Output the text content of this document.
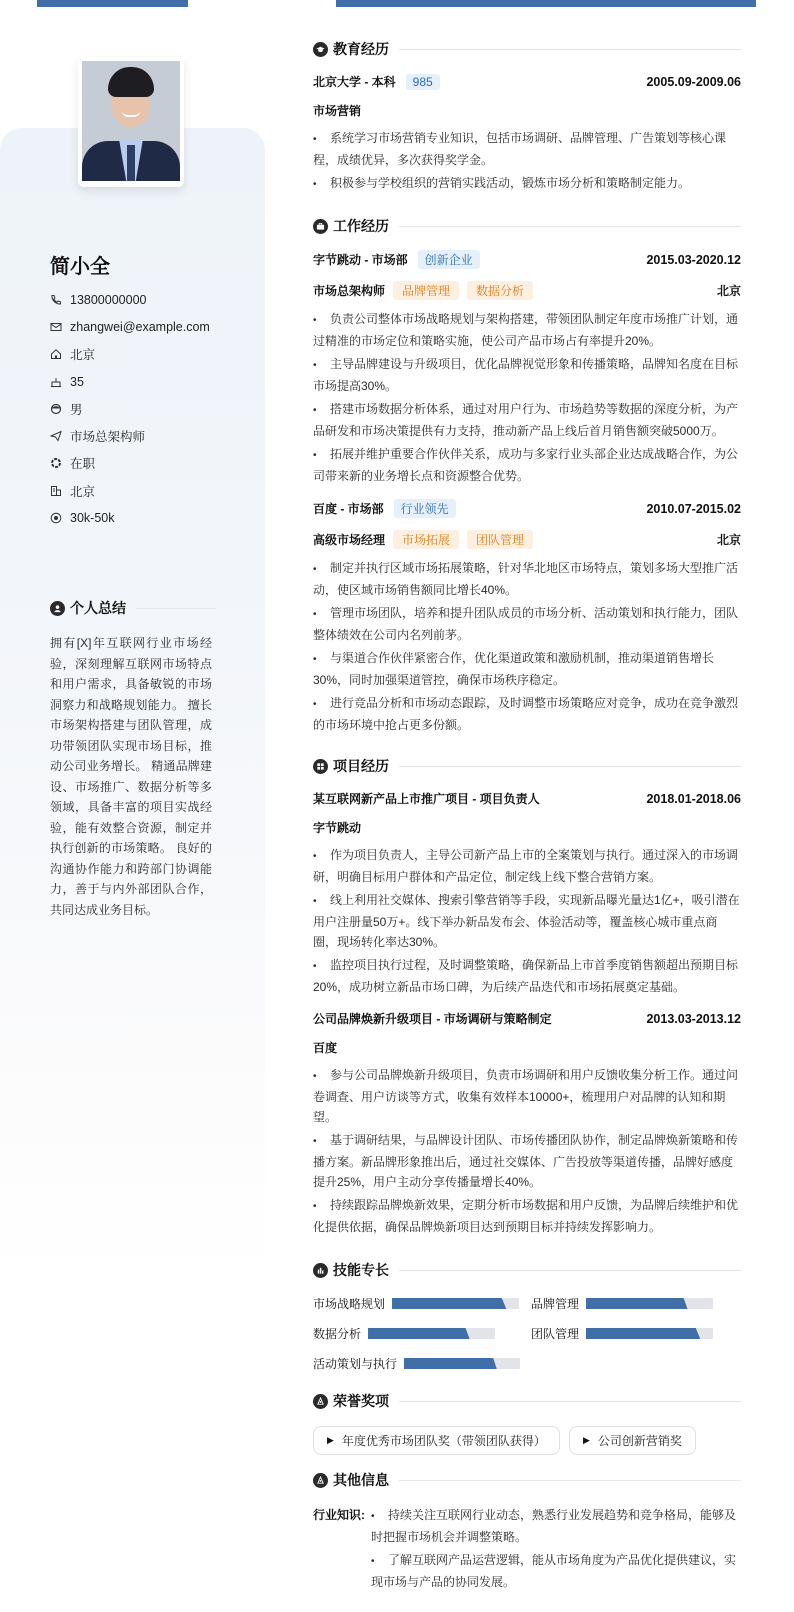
简小全
13800000000
zhangwei@example.com
北京
35
男
市场总架构师
在职
北京
30k-50k
个人总结
拥有[X]年互联网行业市场经验，深刻理解互联网市场特点和用户需求，具备敏锐的市场洞察力和战略规划能力。 擅长市场架构搭建与团队管理，成功带领团队实现市场目标，推动公司业务增长。 精通品牌建设、市场推广、数据分析等多领域，具备丰富的项目实战经验，能有效整合资源，制定并执行创新的市场策略。 良好的沟通协作能力和跨部门协调能力，善于与内外部团队合作，共同达成业务目标。
教育经历
北京大学 - 本科	985	2005.09-2009.06
市场营销
• 系统学习市场营销专业知识，包括市场调研、品牌管理、广告策划等核心课程，成绩优异，多次获得奖学金。
• 积极参与学校组织的营销实践活动，锻炼市场分析和策略制定能力。
工作经历
字节跳动 - 市场部	创新企业	2015.03-2020.12
市场总架构师	品牌管理	数据分析	北京
• 负责公司整体市场战略规划与架构搭建，带领团队制定年度市场推广计划，通过精准的市场定位和策略实施，使公司产品市场占有率提升20%。
• 主导品牌建设与升级项目，优化品牌视觉形象和传播策略，品牌知名度在目标市场提高30%。
• 搭建市场数据分析体系，通过对用户行为、市场趋势等数据的深度分析，为产品研发和市场决策提供有力支持，推动新产品上线后首月销售额突破5000万。
• 拓展并维护重要合作伙伴关系，成功与多家行业头部企业达成战略合作，为公司带来新的业务增长点和资源整合优势。
百度 - 市场部	行业领先	2010.07-2015.02
高级市场经理	市场拓展	团队管理	北京
• 制定并执行区域市场拓展策略，针对华北地区市场特点，策划多场大型推广活动，使区域市场销售额同比增长40%。
• 管理市场团队，培养和提升团队成员的市场分析、活动策划和执行能力，团队整体绩效在公司内名列前茅。
• 与渠道合作伙伴紧密合作，优化渠道政策和激励机制，推动渠道销售增长30%，同时加强渠道管控，确保市场秩序稳定。
• 进行竞品分析和市场动态跟踪，及时调整市场策略应对竞争，成功在竞争激烈的市场环境中抢占更多份额。
项目经历
某互联网新产品上市推广项目 - 项目负责人	2018.01-2018.06
字节跳动
• 作为项目负责人，主导公司新产品上市的全案策划与执行。通过深入的市场调研，明确目标用户群体和产品定位，制定线上线下整合营销方案。
• 线上利用社交媒体、搜索引擎营销等手段，实现新品曝光量达1亿+，吸引潜在用户注册量50万+。线下举办新品发布会、体验活动等，覆盖核心城市重点商圈，现场转化率达30%。
• 监控项目执行过程，及时调整策略，确保新品上市首季度销售额超出预期目标20%，成功树立新品市场口碑，为后续产品迭代和市场拓展奠定基础。
公司品牌焕新升级项目 - 市场调研与策略制定	2013.03-2013.12
百度
• 参与公司品牌焕新升级项目，负责市场调研和用户反馈收集分析工作。通过问卷调查、用户访谈等方式，收集有效样本10000+，梳理用户对品牌的认知和期望。
• 基于调研结果，与品牌设计团队、市场传播团队协作，制定品牌焕新策略和传播方案。新品牌形象推出后，通过社交媒体、广告投放等渠道传播，品牌好感度提升25%，用户主动分享传播量增长40%。
• 持续跟踪品牌焕新效果，定期分析市场数据和用户反馈，为品牌后续维护和优化提供依据，确保品牌焕新项目达到预期目标并持续发挥影响力。
技能专长
市场战略规划	品牌管理
数据分析	团队管理
活动策划与执行
荣誉奖项
▶ 年度优秀市场团队奖（带领团队获得）	▶ 公司创新营销奖
其他信息
行业知识: • 持续关注互联网行业动态，熟悉行业发展趋势和竞争格局，能够及时把握市场机会并调整策略。
• 了解互联网产品运营逻辑，能从市场角度为产品优化提供建议，实现市场与产品的协同发展。
